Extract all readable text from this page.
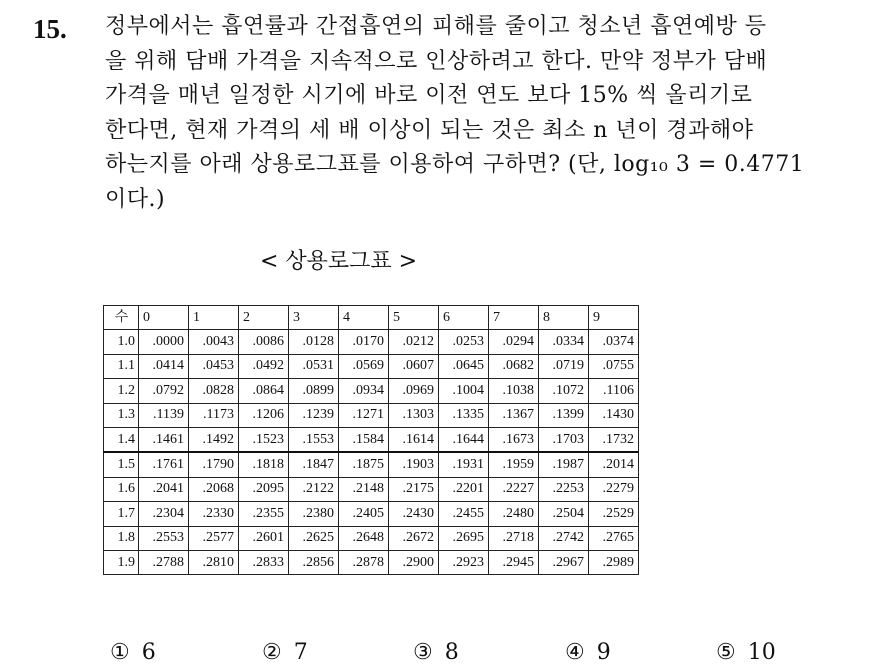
15. 정부에서는 흡연률과 간접흡연의 피해를 줄이고 청소년 흡연예방 등
을 위해 담배 가격을 지속적으로 인상하려고 한다. 만약 정부가 담배
가격을 매년 일정한 시기에 바로 이전 연도 보다 15% 씩 올리기로
한다면, 현재 가격의 세 배 이상이 되는 것은 최소 n 년이 경과해야
하는지를 아래 상용로그표를 이용하여 구하면? (단, log₁₀ 3 = 0.4771
이다.)
< 상용로그표 >
수	0	1	2	3	4	5	6	7	8	9
1.0	.0000	.0043	.0086	.0128	.0170	.0212	.0253	.0294	.0334	.0374
1.1	.0414	.0453	.0492	.0531	.0569	.0607	.0645	.0682	.0719	.0755
1.2	.0792	.0828	.0864	.0899	.0934	.0969	.1004	.1038	.1072	.1106
1.3	.1139	.1173	.1206	.1239	.1271	.1303	.1335	.1367	.1399	.1430
1.4	.1461	.1492	.1523	.1553	.1584	.1614	.1644	.1673	.1703	.1732
1.5	.1761	.1790	.1818	.1847	.1875	.1903	.1931	.1959	.1987	.2014
1.6	.2041	.2068	.2095	.2122	.2148	.2175	.2201	.2227	.2253	.2279
1.7	.2304	.2330	.2355	.2380	.2405	.2430	.2455	.2480	.2504	.2529
1.8	.2553	.2577	.2601	.2625	.2648	.2672	.2695	.2718	.2742	.2765
1.9	.2788	.2810	.2833	.2856	.2878	.2900	.2923	.2945	.2967	.2989
① 6	② 7	③ 8	④ 9	⑤ 10
